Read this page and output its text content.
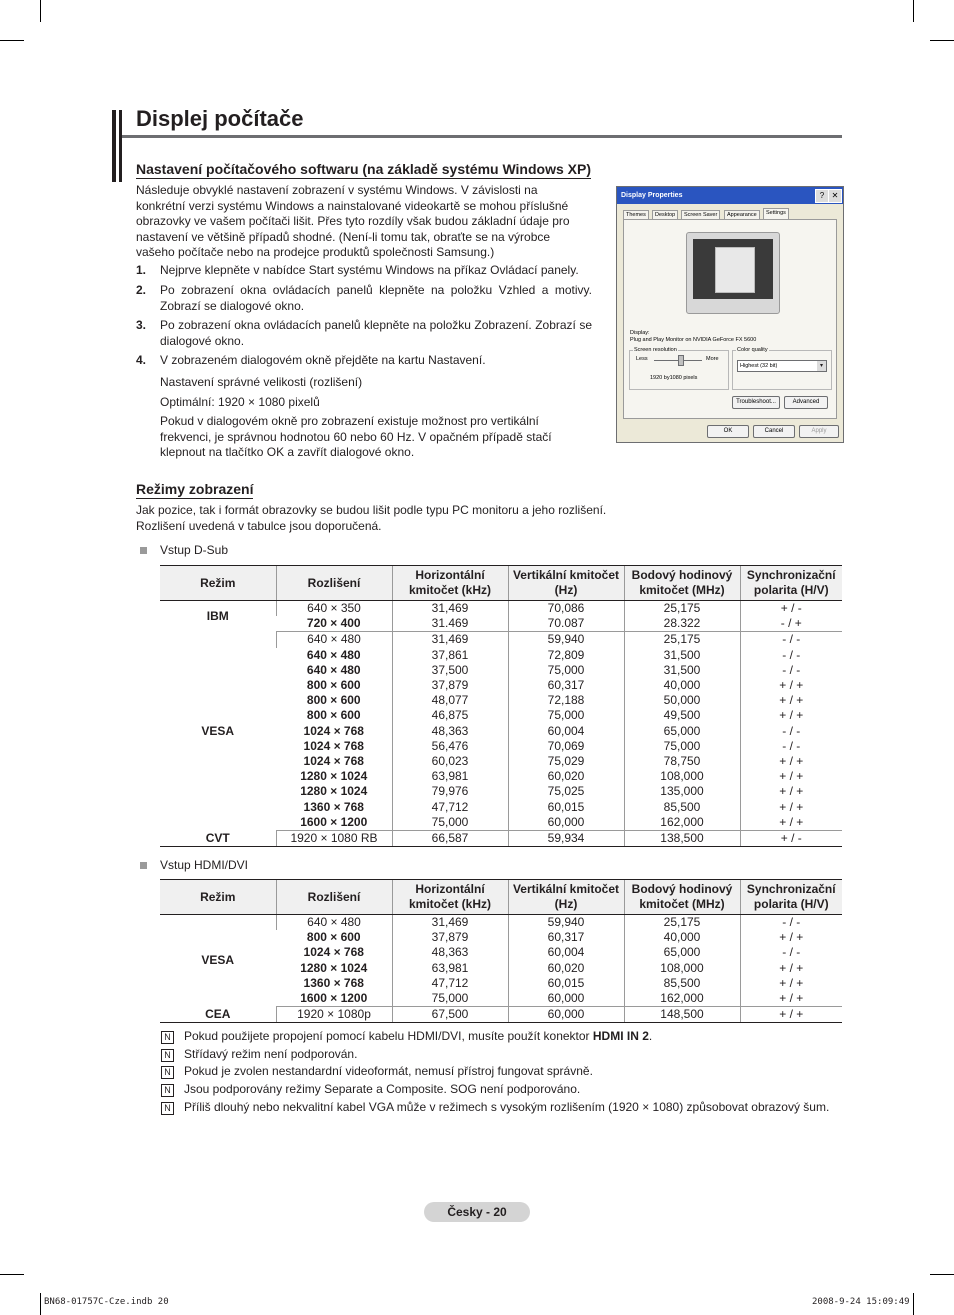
Displej počítače
Nastavení počítačového softwaru (na základě systému Windows XP)
Následuje obvyklé nastavení zobrazení v systému Windows. V závislosti na konkrétní verzi systému Windows a nainstalované videokartě se mohou příslušné obrazovky ve vašem počítači lišit. Přes tyto rozdíly však budou základní údaje pro nastavení ve většině případů shodné. (Není-li tomu tak, obraťte se na výrobce vašeho počítače nebo na prodejce produktů společnosti Samsung.)
1. Nejprve klepněte v nabídce Start systému Windows na příkaz Ovládací panely.
2. Po zobrazení okna ovládacích panelů klepněte na položku Vzhled a motivy. Zobrazí se dialogové okno.
3. Po zobrazení okna ovládacích panelů klepněte na položku Zobrazení. Zobrazí se dialogové okno.
4. V zobrazeném dialogovém okně přejděte na kartu Nastavení.
Nastavení správné velikosti (rozlišení)
Optimální: 1920 × 1080 pixelů
Pokud v dialogovém okně pro zobrazení existuje možnost pro vertikální frekvenci, je správnou hodnotou 60 nebo 60 Hz. V opačném případě stačí klepnout na tlačítko OK a zavřít dialogové okno.
Display Properties	? ✕
Themes	Desktop	Screen Saver	Appearance	Settings
Display:
Plug and Play Monitor on NVIDIA GeForce FX 5600
Screen resolution
Less	More
1920 by1080 pixels
Color quality
Highest (32 bit)	▾
Troubleshoot...	Advanced
OK	Cancel	Apply
Režimy zobrazení
Jak pozice, tak i formát obrazovky se budou lišit podle typu PC monitoru a jeho rozlišení. Rozlišení uvedená v tabulce jsou doporučená.
Vstup D-Sub
Režim	Rozlišení	Horizontální
kmitočet (kHz)	Vertikální kmitočet
(Hz)	Bodový hodinový
kmitočet (MHz)	Synchronizační
polarita (H/V)
IBM	640 × 350	31,469	70,086	25,175	+ / -
	720 × 400	31.469	70.087	28.322	- / +
VESA	640 × 480	31,469	59,940	25,175	- / -
	640 × 480	37,861	72,809	31,500	- / -
	640 × 480	37,500	75,000	31,500	- / -
	800 × 600	37,879	60,317	40,000	+ / +
	800 × 600	48,077	72,188	50,000	+ / +
	800 × 600	46,875	75,000	49,500	+ / +
	1024 × 768	48,363	60,004	65,000	- / -
	1024 × 768	56,476	70,069	75,000	- / -
	1024 × 768	60,023	75,029	78,750	+ / +
	1280 × 1024	63,981	60,020	108,000	+ / +
	1280 × 1024	79,976	75,025	135,000	+ / +
	1360 × 768	47,712	60,015	85,500	+ / +
	1600 × 1200	75,000	60,000	162,000	+ / +
CVT	1920 × 1080 RB	66,587	59,934	138,500	+ / -
Vstup HDMI/DVI
Režim	Rozlišení	Horizontální
kmitočet (kHz)	Vertikální kmitočet
(Hz)	Bodový hodinový
kmitočet (MHz)	Synchronizační
polarita (H/V)
VESA	640 × 480	31,469	59,940	25,175	- / -
	800 × 600	37,879	60,317	40,000	+ / +
	1024 × 768	48,363	60,004	65,000	- / -
	1280 × 1024	63,981	60,020	108,000	+ / +
	1360 × 768	47,712	60,015	85,500	+ / +
	1600 × 1200	75,000	60,000	162,000	+ / +
CEA	1920 × 1080p	67,500	60,000	148,500	+ / +
N Pokud použijete propojení pomocí kabelu HDMI/DVI, musíte použít konektor HDMI IN 2.
N Střídavý režim není podporován.
N Pokud je zvolen nestandardní videoformát, nemusí přístroj fungovat správně.
N Jsou podporovány režimy Separate a Composite. SOG není podporováno.
N Příliš dlouhý nebo nekvalitní kabel VGA může v režimech s vysokým rozlišením (1920 × 1080) způsobovat obrazový šum.
Česky - 20
BN68-01757C-Cze.indb 20	2008-9-24 15:09:49
